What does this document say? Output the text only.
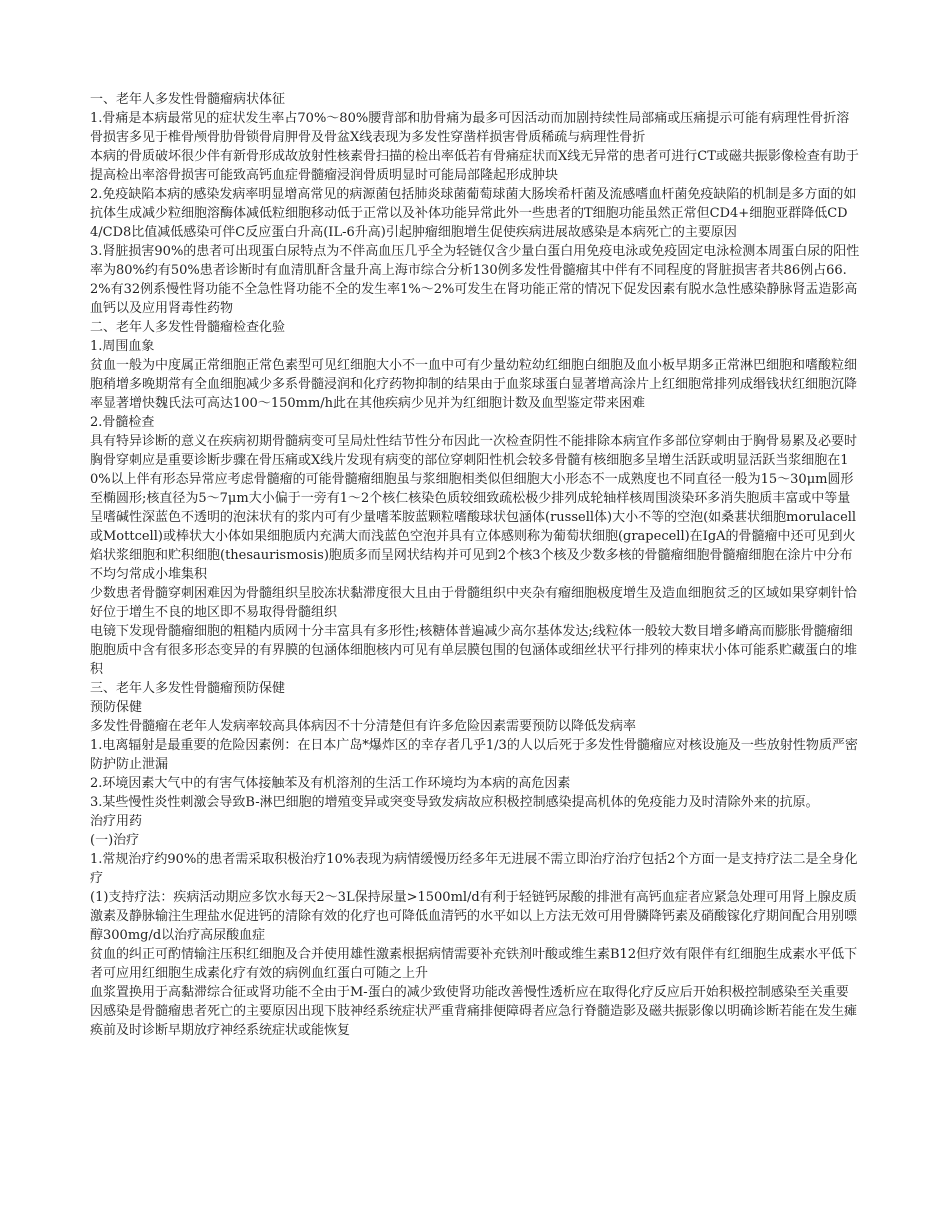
一、老年人多发性骨髓瘤病状体征
1.骨痛是本病最常见的症状发生率占70%～80%腰背部和肋骨痛为最多可因活动而加剧持续性局部痛或压痛提示可能有病理性骨折溶骨损害多见于椎骨颅骨肋骨锁骨肩胛骨及骨盆X线表现为多发性穿凿样损害骨质稀疏与病理性骨折
本病的骨质破坏很少伴有新骨形成故放射性核素骨扫描的检出率低若有骨痛症状而X线无异常的患者可进行CT或磁共振影像检查有助于提高检出率溶骨损害可能致高钙血症骨髓瘤浸润骨质明显时可能局部隆起形成肿块
2.免疫缺陷本病的感染发病率明显增高常见的病源菌包括肺炎球菌葡萄球菌大肠埃希杆菌及流感嗜血杆菌免疫缺陷的机制是多方面的如抗体生成减少粒细胞溶酶体减低粒细胞移动低于正常以及补体功能异常此外一些患者的T细胞功能虽然正常但CD4+细胞亚群降低CD4/CD8比值减低感染可伴C反应蛋白升高(IL-6升高)引起肿瘤细胞增生促使疾病进展故感染是本病死亡的主要原因
3.肾脏损害90%的患者可出现蛋白尿特点为不伴高血压几乎全为轻链仅含少量白蛋白用免疫电泳或免疫固定电泳检测本周蛋白尿的阳性率为80%约有50%患者诊断时有血清肌酐含量升高上海市综合分析130例多发性骨髓瘤其中伴有不同程度的肾脏损害者共86例占66.2%有32例系慢性肾功能不全急性肾功能不全的发生率1%～2%可发生在肾功能正常的情况下促发因素有脱水急性感染静脉肾盂造影高血钙以及应用肾毒性药物
二、老年人多发性骨髓瘤检查化验
1.周围血象
贫血一般为中度属正常细胞正常色素型可见红细胞大小不一血中可有少量幼粒幼红细胞白细胞及血小板早期多正常淋巴细胞和嗜酸粒细胞稍增多晚期常有全血细胞减少多系骨髓浸润和化疗药物抑制的结果由于血浆球蛋白显著增高涂片上红细胞常排列成缗钱状红细胞沉降率显著增快魏氏法可高达100～150mm/h此在其他疾病少见并为红细胞计数及血型鉴定带来困难
2.骨髓检查
具有特异诊断的意义在疾病初期骨髓病变可呈局灶性结节性分布因此一次检查阴性不能排除本病宜作多部位穿刺由于胸骨易累及必要时胸骨穿刺应是重要诊断步骤在骨压痛或X线片发现有病变的部位穿刺阳性机会较多骨髓有核细胞多呈增生活跃或明显活跃当浆细胞在10%以上伴有形态异常应考虑骨髓瘤的可能骨髓瘤细胞虽与浆细胞相类似但细胞大小形态不一成熟度也不同直径一般为15～30μm圆形至椭圆形;核直径为5～7μm大小偏于一旁有1～2个核仁核染色质较细致疏松极少排列成轮轴样核周围淡染环多消失胞质丰富或中等量呈嗜碱性深蓝色不透明的泡沫状有的浆内可有少量嗜苯胺蓝颗粒嗜酸球状包涵体(russell体)大小不等的空泡(如桑葚状细胞morulacell或Mottcell)或棒状大小体如果细胞质内充满大而浅蓝色空泡并具有立体感则称为葡萄状细胞(grapecell)在IgA的骨髓瘤中还可见到火焰状浆细胞和贮积细胞(thesaurismosis)胞质多而呈网状结构并可见到2个核3个核及少数多核的骨髓瘤细胞骨髓瘤细胞在涂片中分布不均匀常成小堆集积
少数患者骨髓穿刺困难因为骨髓组织呈胶冻状黏滞度很大且由于骨髓组织中夹杂有瘤细胞极度增生及造血细胞贫乏的区域如果穿刺针恰好位于增生不良的地区即不易取得骨髓组织
电镜下发现骨髓瘤细胞的粗糙内质网十分丰富具有多形性;核糖体普遍减少高尔基体发达;线粒体一般较大数目增多嵴高而膨胀骨髓瘤细胞胞质中含有很多形态变异的有界膜的包涵体细胞核内可见有单层膜包围的包涵体或细丝状平行排列的棒束状小体可能系贮藏蛋白的堆积
三、老年人多发性骨髓瘤预防保健
预防保健
多发性骨髓瘤在老年人发病率较高具体病因不十分清楚但有许多危险因素需要预防以降低发病率
1.电离辐射是最重要的危险因素例：在日本广岛*爆炸区的幸存者几乎1/3的人以后死于多发性骨髓瘤应对核设施及一些放射性物质严密防护防止泄漏
2.环境因素大气中的有害气体接触苯及有机溶剂的生活工作环境均为本病的高危因素
3.某些慢性炎性刺激会导致B-淋巴细胞的增殖变异或突变导致发病故应积极控制感染提高机体的免疫能力及时清除外来的抗原。
治疗用药
(一)治疗
1.常规治疗约90%的患者需采取积极治疗10%表现为病情缓慢历经多年无进展不需立即治疗治疗包括2个方面一是支持疗法二是全身化疗
(1)支持疗法：疾病活动期应多饮水每天2～3L保持尿量>1500ml/d有利于轻链钙尿酸的排泄有高钙血症者应紧急处理可用肾上腺皮质激素及静脉输注生理盐水促进钙的清除有效的化疗也可降低血清钙的水平如以上方法无效可用骨膦降钙素及硝酸镓化疗期间配合用别嘌醇300mg/d以治疗高尿酸血症
贫血的纠正可酌情输注压积红细胞及合并使用雄性激素根据病情需要补充铁剂叶酸或维生素B12但疗效有限伴有红细胞生成素水平低下者可应用红细胞生成素化疗有效的病例血红蛋白可随之上升
血浆置换用于高黏滞综合征或肾功能不全由于M-蛋白的减少致使肾功能改善慢性透析应在取得化疗反应后开始积极控制感染至关重要因感染是骨髓瘤患者死亡的主要原因出现下肢神经系统症状严重背痛排便障碍者应急行脊髓造影及磁共振影像以明确诊断若能在发生瘫痪前及时诊断早期放疗神经系统症状或能恢复
